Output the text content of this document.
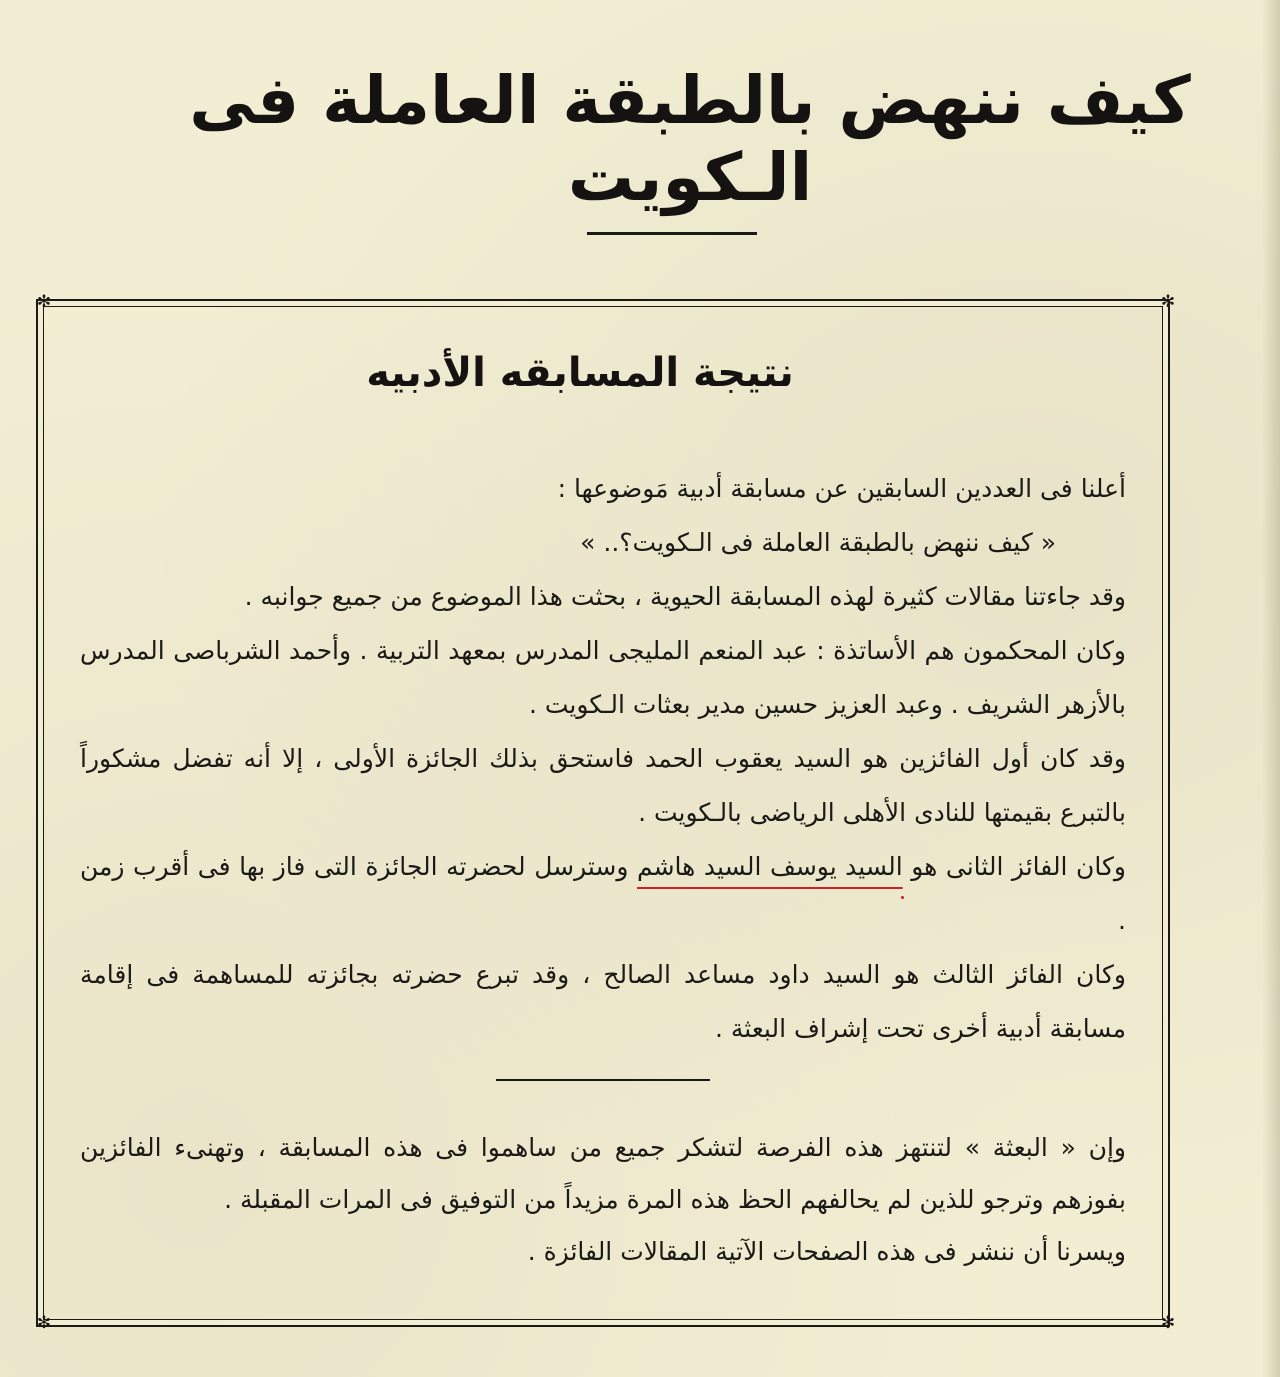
كيف ننهض بالطبقة العاملة فى الـكويت
✻	✻
✻	✻
نتيجة المسابقه الأدبيه

أعلنا فى العددين السابقين عن مسابقة أدبية مَوضوعها :

« كيف ننهض بالطبقة العاملة فى الـكويت؟.. »

وقد جاءتنا مقالات كثيرة لهذه المسابقة الحيوية ، بحثت هذا الموضوع من جميع جوانبه .

وكان المحكمون هم الأساتذة : عبد المنعم المليجى المدرس بمعهد التربية . وأحمد الشرباصى المدرس بالأزهر الشريف . وعبد العزيز حسين مدير بعثات الـكويت .

وقد كان أول الفائزين هو السيد يعقوب الحمد فاستحق بذلك الجائزة الأولى ، إلا أنه تفضل مشكوراً بالتبرع بقيمتها للنادى الأهلى الرياضى بالـكويت .

وكان الفائز الثانى هو السيد يوسف السيد هاشم وسترسل لحضرته الجائزة التى فاز بها فى أقرب زمن .

وكان الفائز الثالث هو السيد داود مساعد الصالح ، وقد تبرع حضرته بجائزته للمساهمة فى إقامة مسابقة أدبية أخرى تحت إشراف البعثة .

وإن « البعثة » لتنتهز هذه الفرصة لتشكر جميع من ساهموا فى هذه المسابقة ، وتهنىء الفائزين بفوزهم وترجو للذين لم يحالفهم الحظ هذه المرة مزيداً من التوفيق فى المرات المقبلة .

ويسرنا أن ننشر فى هذه الصفحات الآتية المقالات الفائزة .
